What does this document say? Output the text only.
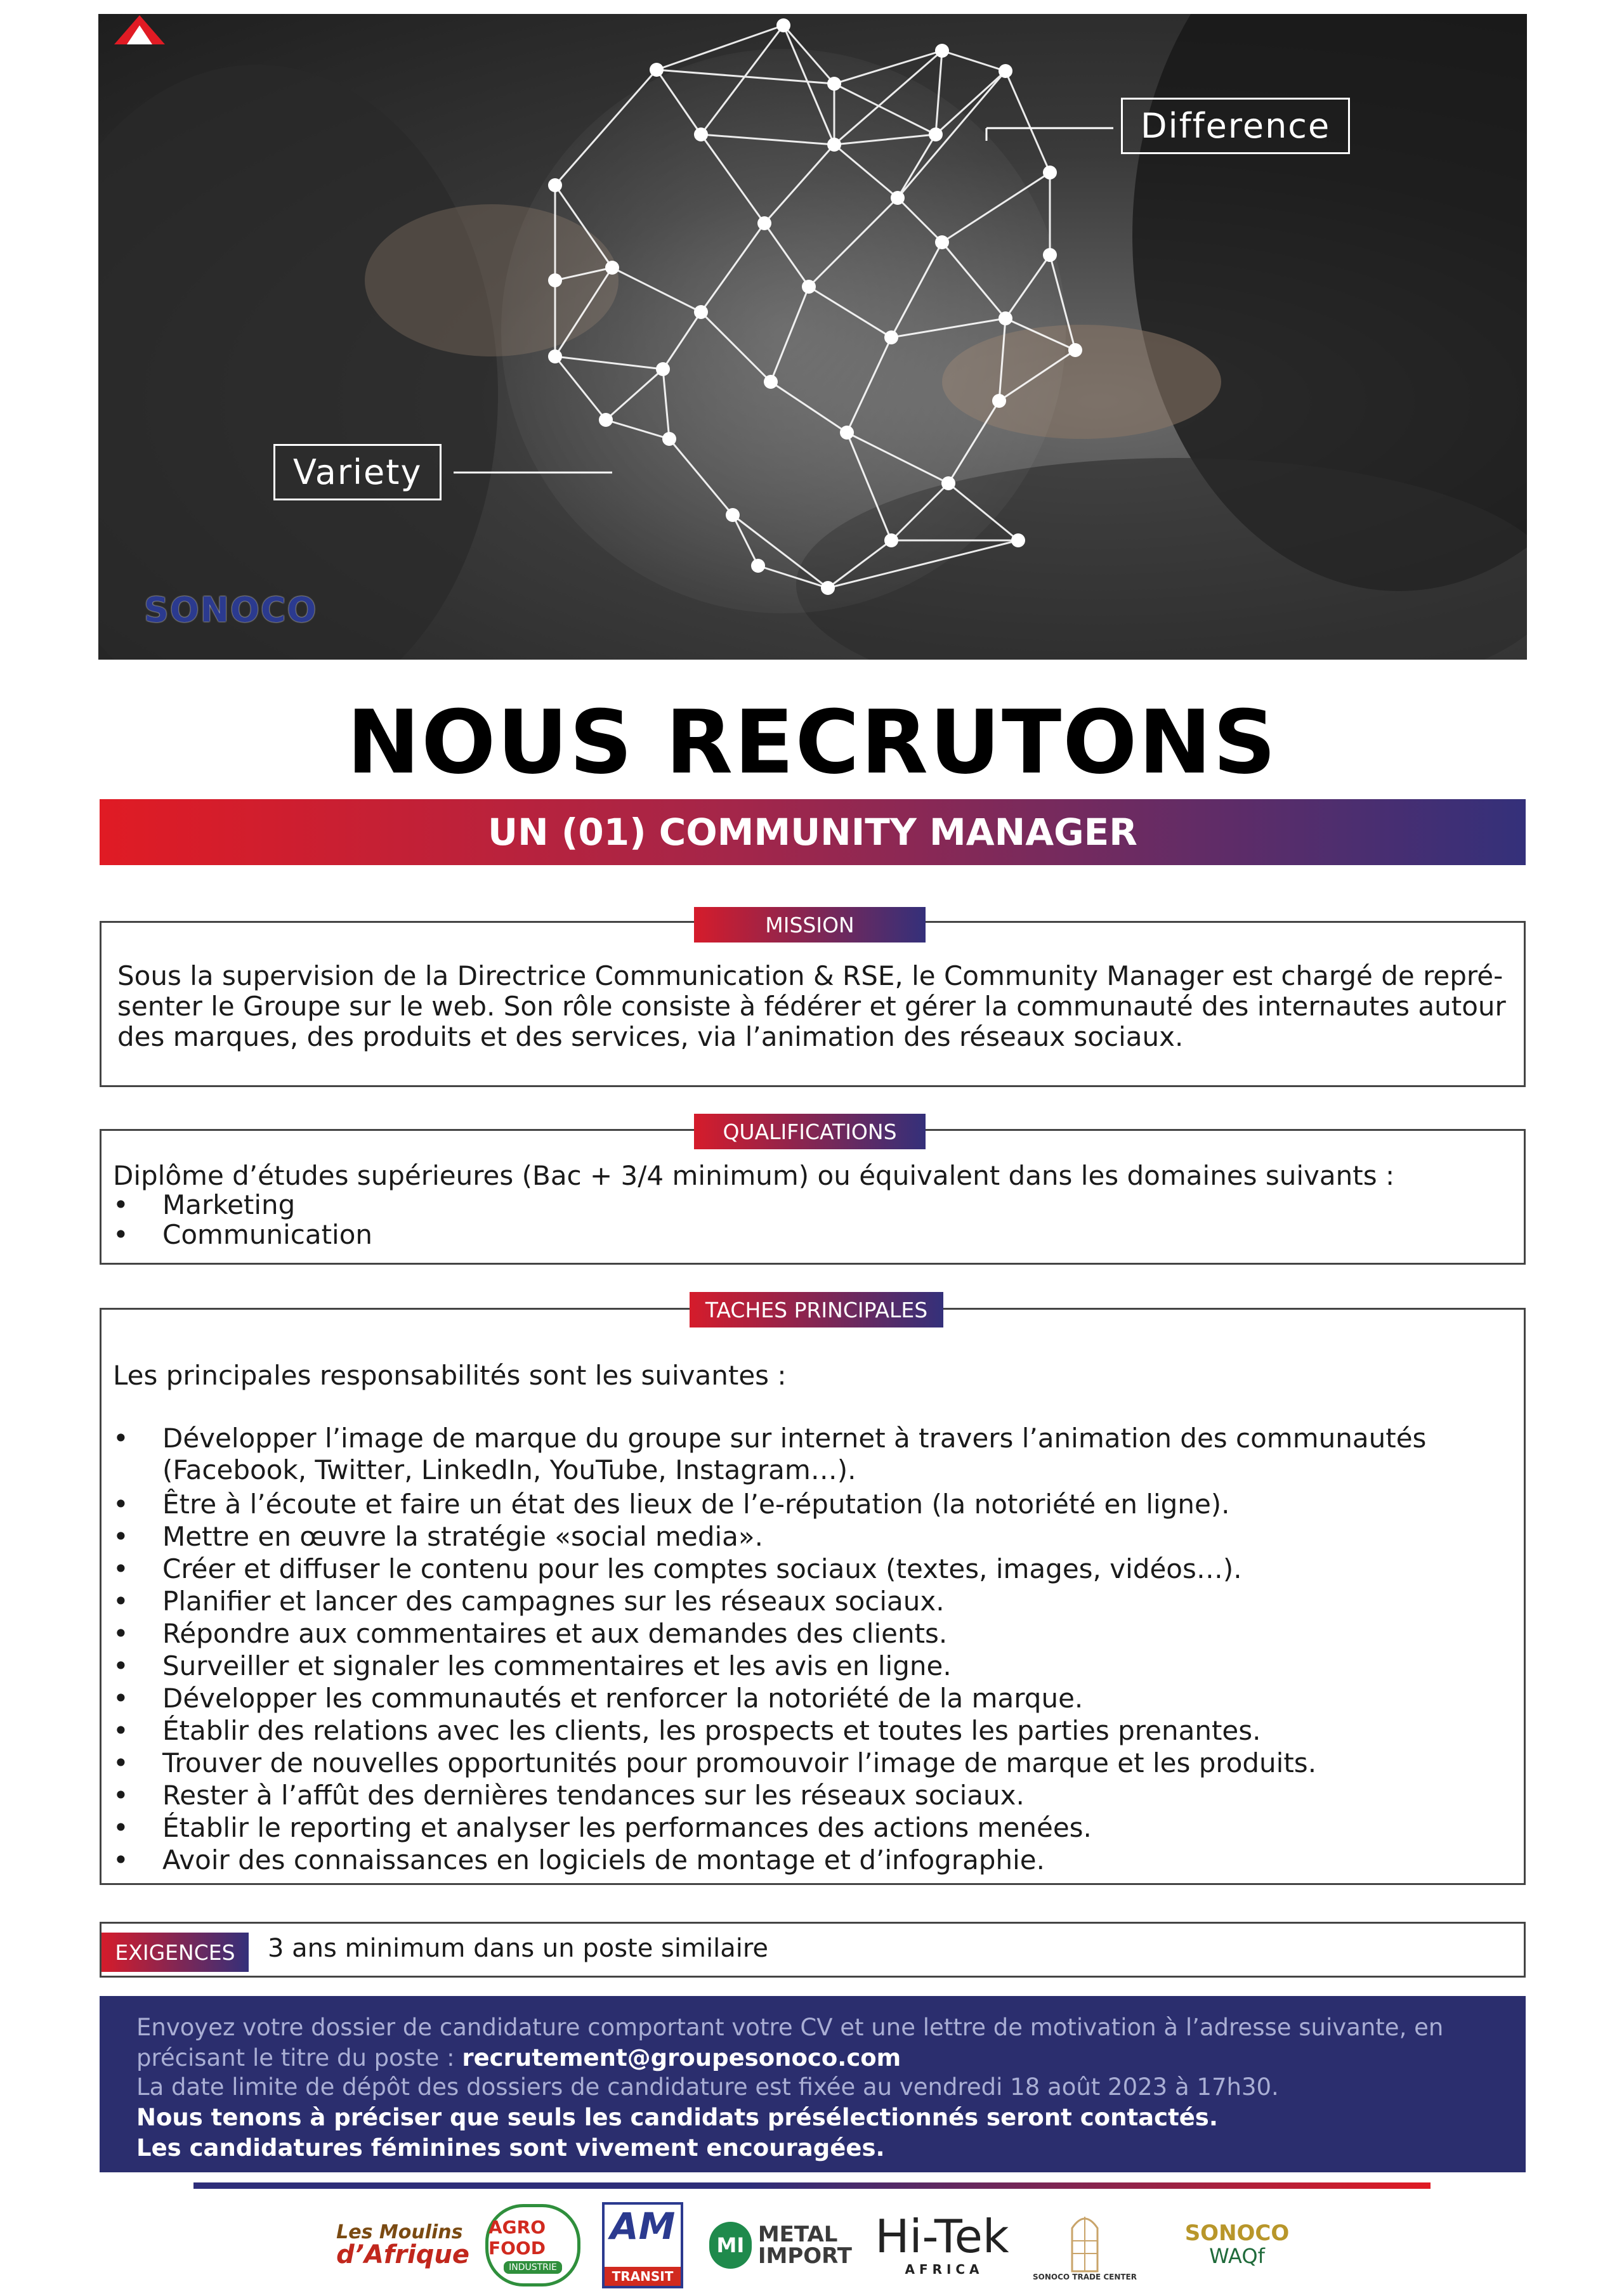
Difference
Variety
SONOCO
NOUS RECRUTONS
UN (01) COMMUNITY MANAGER
MISSION
Sous la supervision de la Directrice Communication & RSE, le Community Manager est chargé de repré-
senter le Groupe sur le web. Son rôle consiste à fédérer et gérer la communauté des internautes autour
des marques, des produits et des services, via l’animation des réseaux sociaux.
QUALIFICATIONS
Diplôme d’études supérieures (Bac + 3/4 minimum) ou équivalent dans les domaines suivants :
• Marketing
• Communication
TACHES PRINCIPALES
Les principales responsabilités sont les suivantes :
• Développer l’image de marque du groupe sur internet à travers l’animation des communautés
(Facebook, Twitter, LinkedIn, YouTube, Instagram…).
• Être à l’écoute et faire un état des lieux de l’e-réputation (la notoriété en ligne).
• Mettre en œuvre la stratégie «social media».
• Créer et diffuser le contenu pour les comptes sociaux (textes, images, vidéos…).
• Planifier et lancer des campagnes sur les réseaux sociaux.
• Répondre aux commentaires et aux demandes des clients.
• Surveiller et signaler les commentaires et les avis en ligne.
• Développer les communautés et renforcer la notoriété de la marque.
• Établir des relations avec les clients, les prospects et toutes les parties prenantes.
• Trouver de nouvelles opportunités pour promouvoir l’image de marque et les produits.
• Rester à l’affût des dernières tendances sur les réseaux sociaux.
• Établir le reporting et analyser les performances des actions menées.
• Avoir des connaissances en logiciels de montage et d’infographie.
EXIGENCES	3 ans minimum dans un poste similaire
Envoyez votre dossier de candidature comportant votre CV et une lettre de motivation à l’adresse suivante, en
précisant le titre du poste : recrutement@groupesonoco.com
La date limite de dépôt des dossiers de candidature est fixée au vendredi 18 août 2023 à 17h30.
Nous tenons à préciser que seuls les candidats présélectionnés seront contactés.
Les candidatures féminines sont vivement encouragées.
Les Moulins
d’Afrique
AGRO FOOD
INDUSTRIE
AM
TRANSIT
MI METAL
IMPORT Hi-Tek
A F R I C A	SONOCO TRADE CENTER
SONOCO
WAQf
